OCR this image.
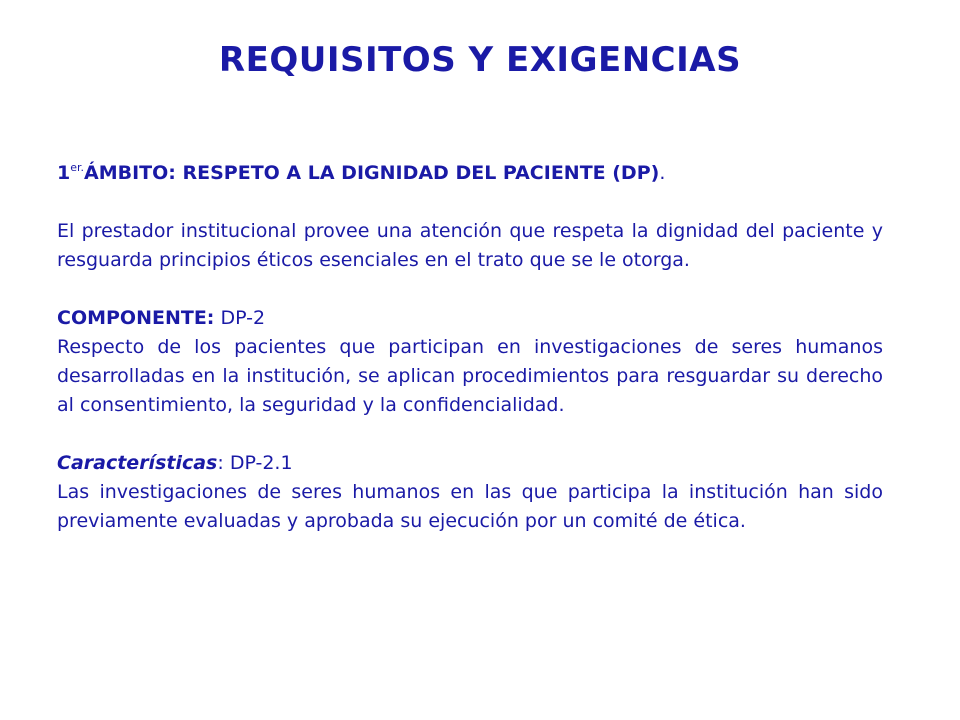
REQUISITOS Y EXIGENCIAS

$1^{er.}ÁMBITO$: RESPETO A LA DIGNIDAD DEL PACIENTE (DP).

El prestador institucional provee una atención que respeta la dignidad del paciente y resguarda principios éticos esenciales en el trato que se le otorga.

COMPONENTE: DP-2

Respecto de los pacientes que participan en investigaciones de seres humanos desarrolladas en la institución, se aplican procedimientos para resguardar su derecho al consentimiento, la seguridad y la confidencialidad.

Características: DP-2.1

Las investigaciones de seres humanos en las que participa la institución han sido previamente evaluadas y aprobada su ejecución por un comité de ética.
